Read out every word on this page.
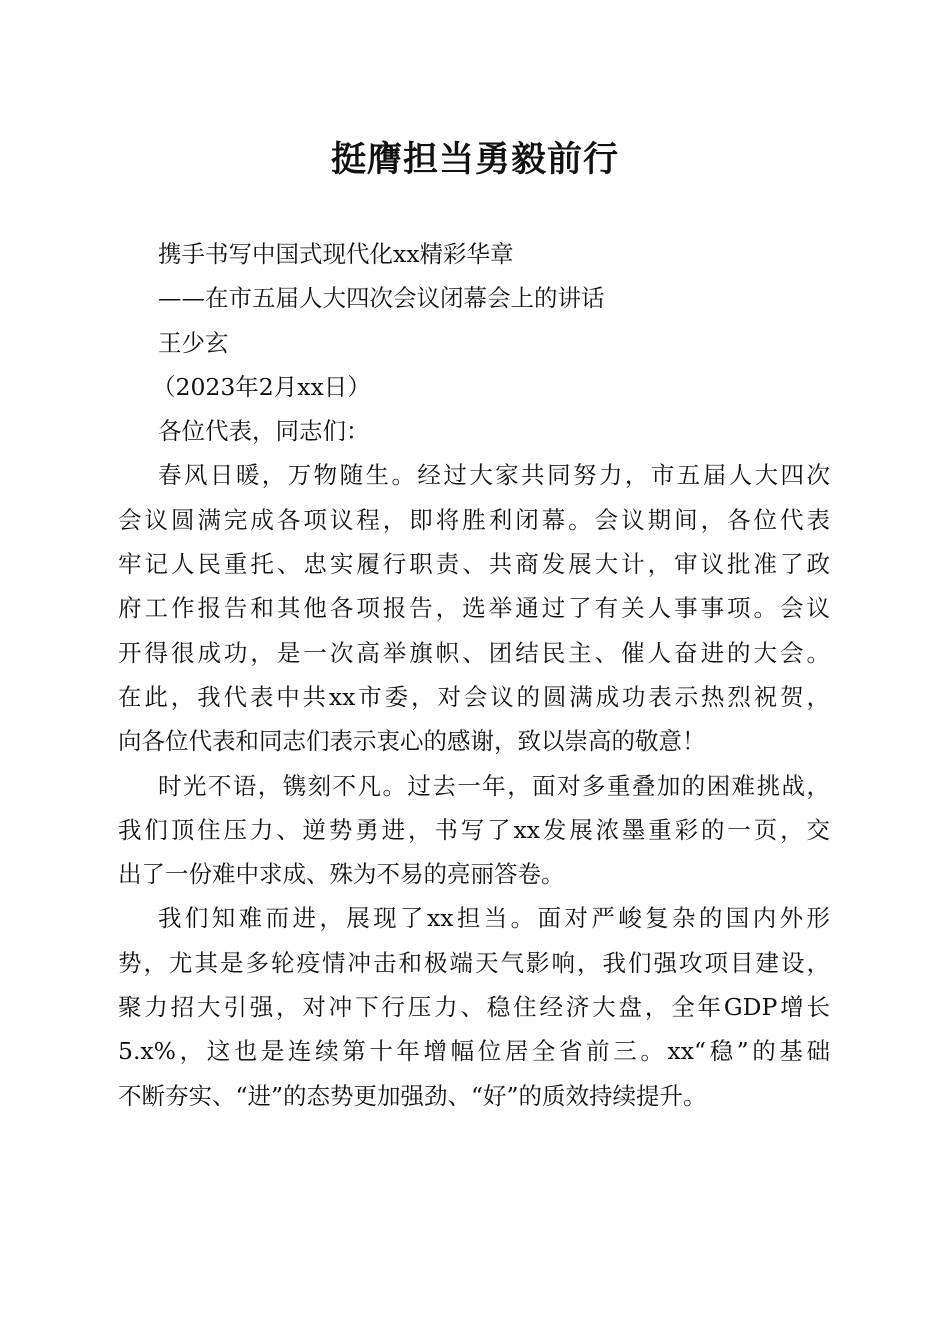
挺膺担当勇毅前行
携手书写中国式现代化xx精彩华章
——在市五届人大四次会议闭幕会上的讲话
王少玄
（2023年2月xx日）
各位代表，同志们：
春风日暖，万物随生。经过大家共同努力，市五届人大四次
会议圆满完成各项议程，即将胜利闭幕。会议期间，各位代表
牢记人民重托、忠实履行职责、共商发展大计，审议批准了政
府工作报告和其他各项报告，选举通过了有关人事事项。会议
开得很成功，是一次高举旗帜、团结民主、催人奋进的大会。
在此，我代表中共xx市委，对会议的圆满成功表示热烈祝贺，
向各位代表和同志们表示衷心的感谢，致以崇高的敬意！
时光不语，镌刻不凡。过去一年，面对多重叠加的困难挑战，
我们顶住压力、逆势勇进，书写了xx发展浓墨重彩的一页，交
出了一份难中求成、殊为不易的亮丽答卷。
我们知难而进，展现了xx担当。面对严峻复杂的国内外形
势，尤其是多轮疫情冲击和极端天气影响，我们强攻项目建设，
聚力招大引强，对冲下行压力、稳住经济大盘，全年GDP增长
5.x%，这也是连续第十年增幅位居全省前三。xx“稳”的基础
不断夯实、“进”的态势更加强劲、“好”的质效持续提升。
